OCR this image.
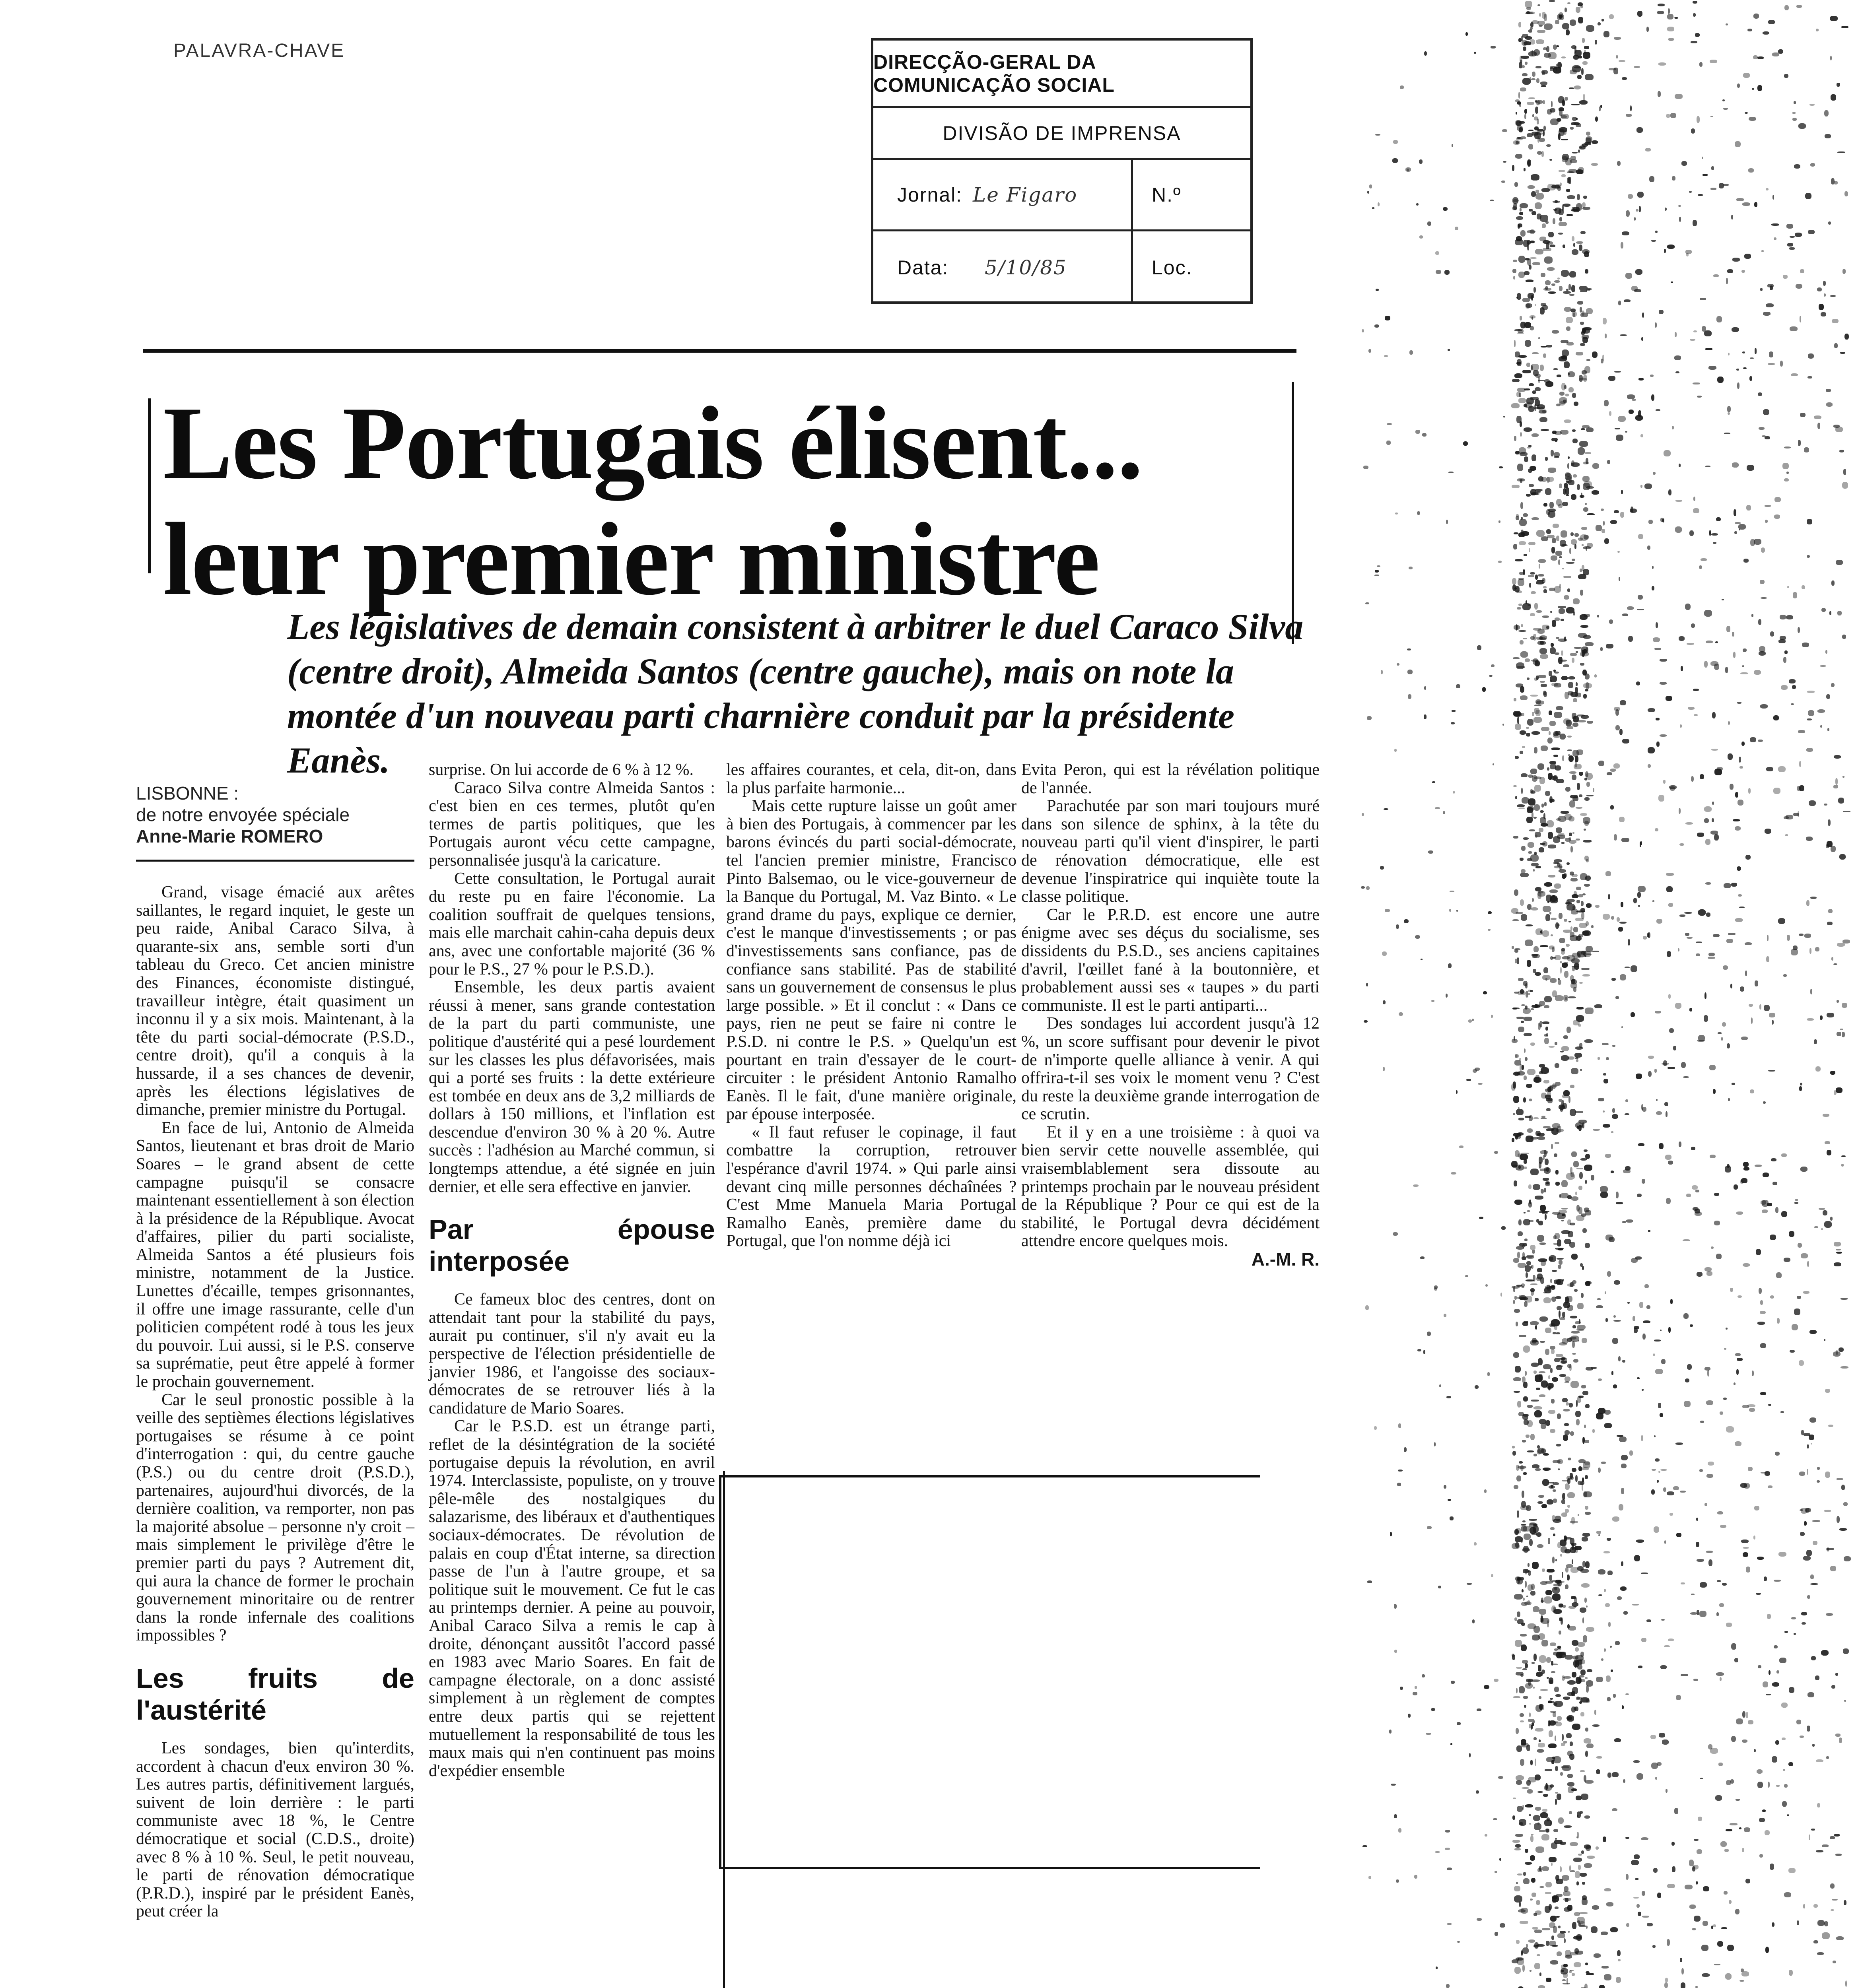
PALAVRA-CHAVE	DIRECÇÃO-GERAL DA COMUNICAÇÃO SOCIAL
DIVISÃO DE IMPRENSA
Jornal: Le Figaro	N.º
Data: 5/10/85	Loc.
Les Portugais élisent...
leur premier ministre
Les législatives de demain consistent à arbitrer le duel Caraco Silva (centre droit), Almeida Santos (centre gauche), mais on note la montée d'un nouveau parti charnière conduit par la présidente Eanès.
LISBONNE :
de notre envoyée spéciale
Anne-Marie ROMERO

Grand, visage émacié aux arêtes saillantes, le regard inquiet, le geste un peu raide, Anibal Caraco Silva, à quarante-six ans, semble sorti d'un tableau du Greco. Cet ancien ministre des Finances, économiste distingué, travailleur intègre, était quasiment un inconnu il y a six mois. Maintenant, à la tête du parti social-démocrate (P.S.D., centre droit), qu'il a conquis à la hussarde, il a ses chances de devenir, après les élections législatives de dimanche, premier ministre du Portugal.

En face de lui, Antonio de Almeida Santos, lieutenant et bras droit de Mario Soares – le grand absent de cette campagne puisqu'il se consacre maintenant essentiellement à son élection à la présidence de la République. Avocat d'affaires, pilier du parti socialiste, Almeida Santos a été plusieurs fois ministre, notamment de la Justice. Lunettes d'écaille, tempes grisonnantes, il offre une image rassurante, celle d'un politicien compétent rodé à tous les jeux du pouvoir. Lui aussi, si le P.S. conserve sa suprématie, peut être appelé à former le prochain gouvernement.

Car le seul pronostic possible à la veille des septièmes élections législatives portugaises se résume à ce point d'interrogation : qui, du centre gauche (P.S.) ou du centre droit (P.S.D.), partenaires, aujourd'hui divorcés, de la dernière coalition, va remporter, non pas la majorité absolue – personne n'y croit – mais simplement le privilège d'être le premier parti du pays ? Autrement dit, qui aura la chance de former le prochain gouvernement minoritaire ou de rentrer dans la ronde infernale des coalitions impossibles ?

Les fruits de l'austérité

Les sondages, bien qu'interdits, accordent à chacun d'eux environ 30 %. Les autres partis, définitivement largués, suivent de loin derrière : le parti communiste avec 18 %, le Centre démocratique et social (C.D.S., droite) avec 8 % à 10 %. Seul, le petit nouveau, le parti de rénovation démocratique (P.R.D.), inspiré par le président Eanès, peut créer la

surprise. On lui accorde de 6 % à 12 %.

Caraco Silva contre Almeida Santos : c'est bien en ces termes, plutôt qu'en termes de partis politiques, que les Portugais auront vécu cette campagne, personnalisée jusqu'à la caricature.

Cette consultation, le Portugal aurait du reste pu en faire l'économie. La coalition souffrait de quelques tensions, mais elle marchait cahin-caha depuis deux ans, avec une confortable majorité (36 % pour le P.S., 27 % pour le P.S.D.).

Ensemble, les deux partis avaient réussi à mener, sans grande contestation de la part du parti communiste, une politique d'austérité qui a pesé lourdement sur les classes les plus défavorisées, mais qui a porté ses fruits : la dette extérieure est tombée en deux ans de 3,2 milliards de dollars à 150 millions, et l'inflation est descendue d'environ 30 % à 20 %. Autre succès : l'adhésion au Marché commun, si longtemps attendue, a été signée en juin dernier, et elle sera effective en janvier.

Par épouse interposée

Ce fameux bloc des centres, dont on attendait tant pour la stabilité du pays, aurait pu continuer, s'il n'y avait eu la perspective de l'élection présidentielle de janvier 1986, et l'angoisse des sociaux-démocrates de se retrouver liés à la candidature de Mario Soares.

Car le P.S.D. est un étrange parti, reflet de la désintégration de la société portugaise depuis la révolution, en avril 1974. Interclassiste, populiste, on y trouve pêle-mêle des nostalgiques du salazarisme, des libéraux et d'authentiques sociaux-démocrates. De révolution de palais en coup d'État interne, sa direction passe de l'un à l'autre groupe, et sa politique suit le mouvement. Ce fut le cas au printemps dernier. A peine au pouvoir, Anibal Caraco Silva a remis le cap à droite, dénonçant aussitôt l'accord passé en 1983 avec Mario Soares. En fait de campagne électorale, on a donc assisté simplement à un règlement de comptes entre deux partis qui se rejettent mutuellement la responsabilité de tous les maux mais qui n'en continuent pas moins d'expédier ensemble

les affaires courantes, et cela, dit-on, dans la plus parfaite harmonie...

Mais cette rupture laisse un goût amer à bien des Portugais, à commencer par les barons évincés du parti social-démocrate, tel l'ancien premier ministre, Francisco Pinto Balsemao, ou le vice-gouverneur de la Banque du Portugal, M. Vaz Binto. « Le grand drame du pays, explique ce dernier, c'est le manque d'investissements ; or pas d'investissements sans confiance, pas de confiance sans stabilité. Pas de stabilité sans un gouvernement de consensus le plus large possible. » Et il conclut : « Dans ce pays, rien ne peut se faire ni contre le P.S.D. ni contre le P.S. » Quelqu'un est pourtant en train d'essayer de le court-circuiter : le président Antonio Ramalho Eanès. Il le fait, d'une manière originale, par épouse interposée.

« Il faut refuser le copinage, il faut combattre la corruption, retrouver l'espérance d'avril 1974. » Qui parle ainsi devant cinq mille personnes déchaînées ? C'est Mme Manuela Maria Portugal Ramalho Eanès, première dame du Portugal, que l'on nomme déjà ici

Evita Peron, qui est la révélation politique de l'année.

Parachutée par son mari toujours muré dans son silence de sphinx, à la tête du nouveau parti qu'il vient d'inspirer, le parti de rénovation démocratique, elle est devenue l'inspiratrice qui inquiète toute la classe politique.

Car le P.R.D. est encore une autre énigme avec ses déçus du socialisme, ses dissidents du P.S.D., ses anciens capitaines d'avril, l'œillet fané à la boutonnière, et probablement aussi ses « taupes » du parti communiste. Il est le parti antiparti...

Des sondages lui accordent jusqu'à 12 %, un score suffisant pour devenir le pivot de n'importe quelle alliance à venir. A qui offrira-t-il ses voix le moment venu ? C'est du reste la deuxième grande interrogation de ce scrutin.

Et il y en a une troisième : à quoi va bien servir cette nouvelle assemblée, qui vraisemblablement sera dissoute au printemps prochain par le nouveau président de la République ? Pour ce qui est de la stabilité, le Portugal devra décidément attendre encore quelques mois.

A.-M. R.
